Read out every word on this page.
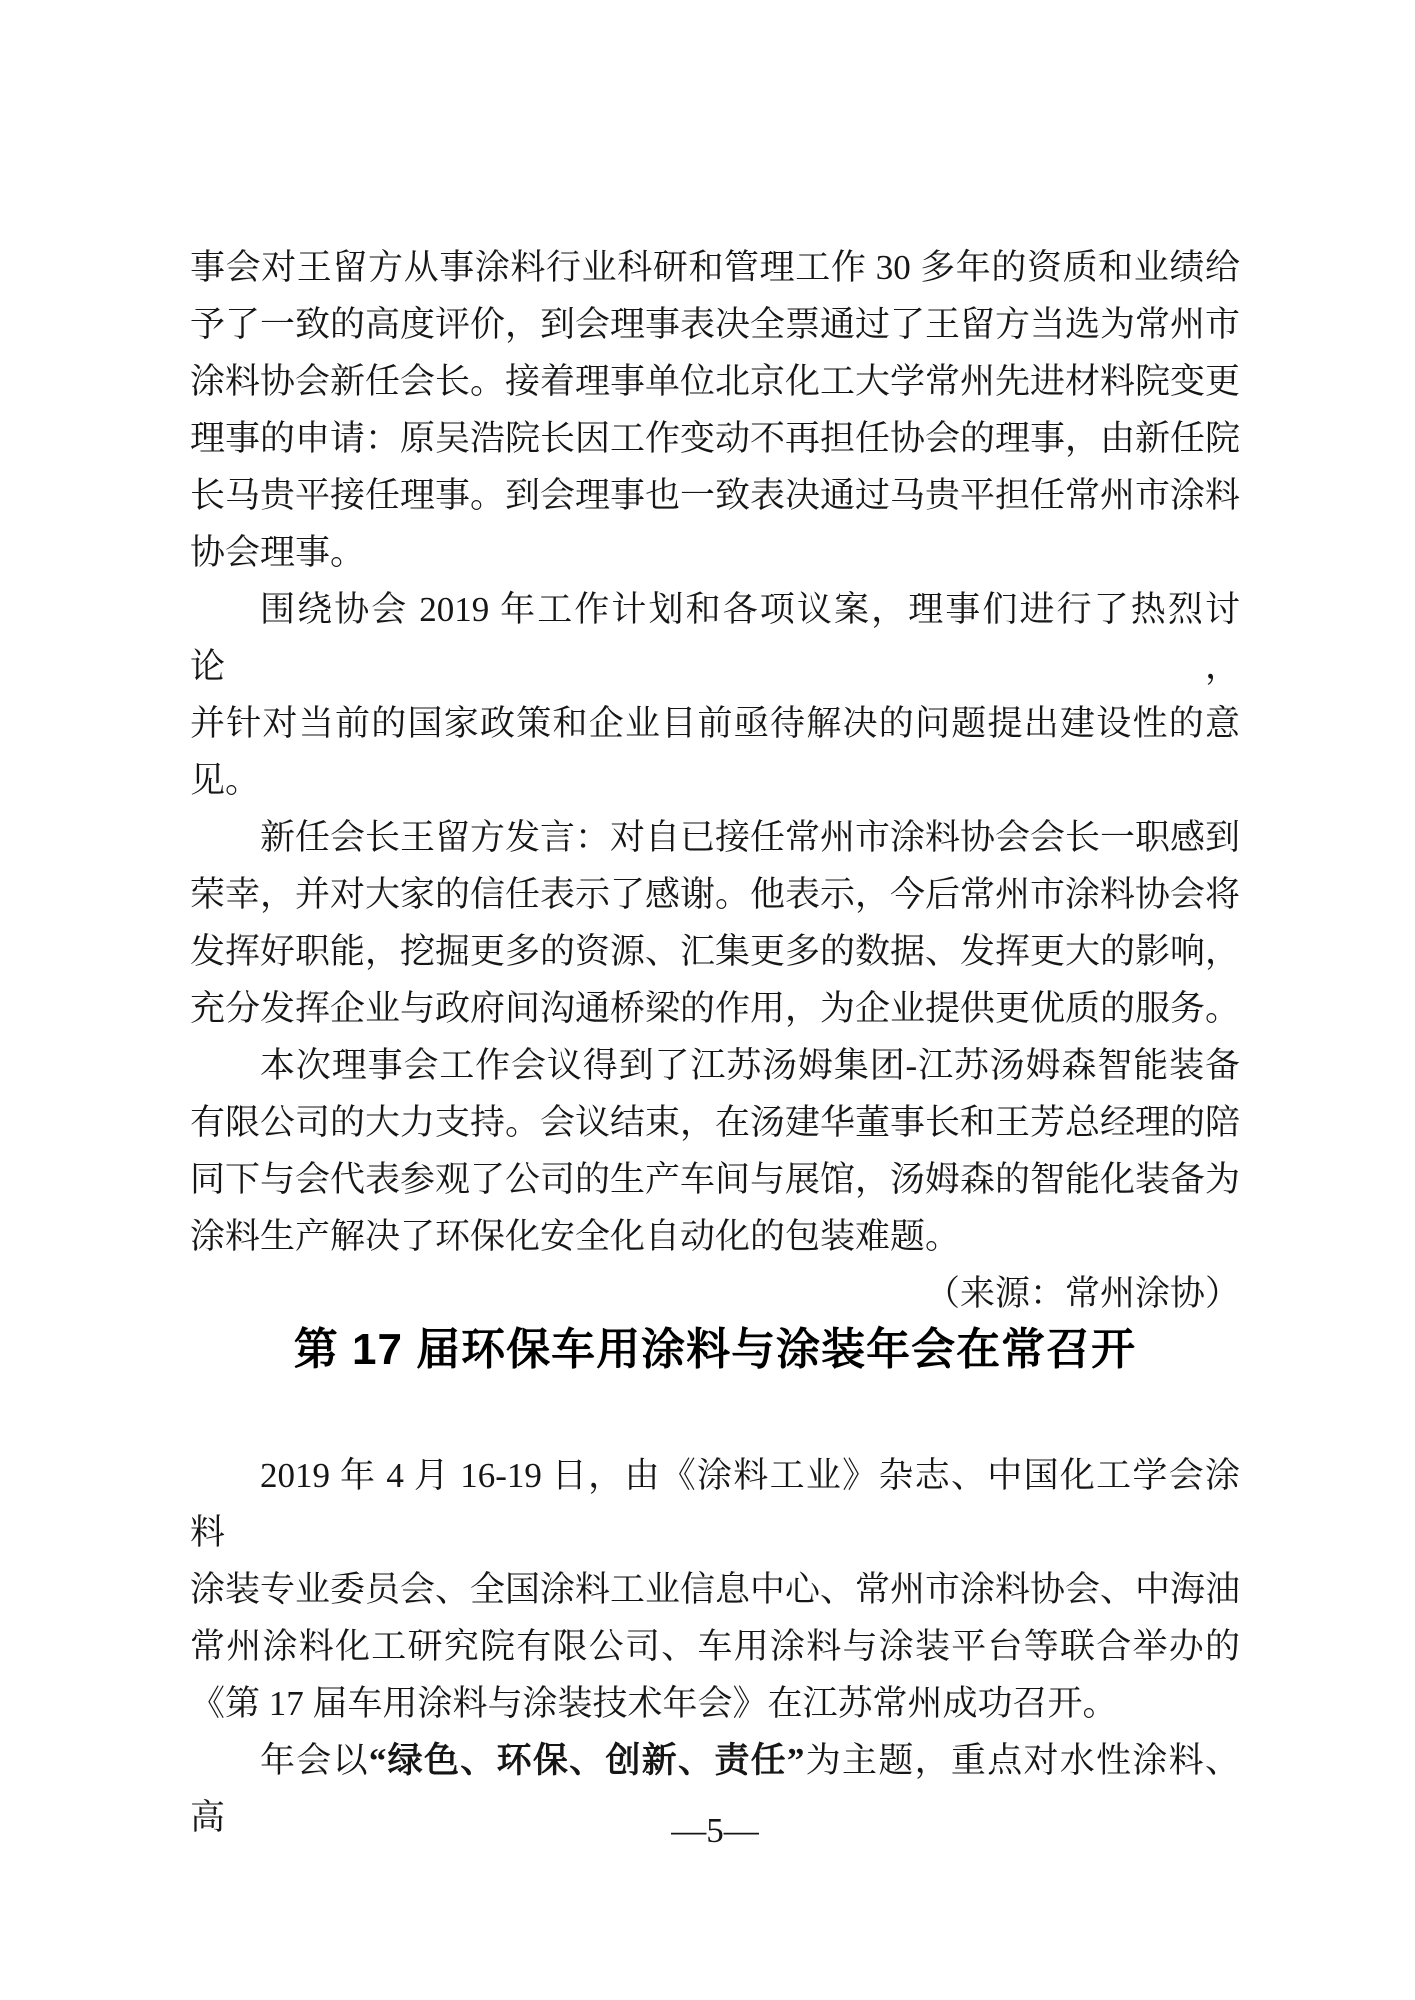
事会对王留方从事涂料行业科研和管理工作 30 多年的资质和业绩给
予了一致的高度评价，到会理事表决全票通过了王留方当选为常州市
涂料协会新任会长。接着理事单位北京化工大学常州先进材料院变更
理事的申请：原吴浩院长因工作变动不再担任协会的理事，由新任院
长马贵平接任理事。到会理事也一致表决通过马贵平担任常州市涂料
协会理事。
围绕协会 2019 年工作计划和各项议案，理事们进行了热烈讨论，
并针对当前的国家政策和企业目前亟待解决的问题提出建设性的意
见。
新任会长王留方发言：对自已接任常州市涂料协会会长一职感到
荣幸，并对大家的信任表示了感谢。他表示，今后常州市涂料协会将
发挥好职能，挖掘更多的资源、汇集更多的数据、发挥更大的影响，
充分发挥企业与政府间沟通桥梁的作用，为企业提供更优质的服务。
本次理事会工作会议得到了江苏汤姆集团-江苏汤姆森智能装备
有限公司的大力支持。会议结束，在汤建华董事长和王芳总经理的陪
同下与会代表参观了公司的生产车间与展馆，汤姆森的智能化装备为
涂料生产解决了环保化安全化自动化的包装难题。
（来源：常州涂协）
第 17 届环保车用涂料与涂装年会在常召开
2019 年 4 月 16-19 日，由《涂料工业》杂志、中国化工学会涂料
涂装专业委员会、全国涂料工业信息中心、常州市涂料协会、中海油
常州涂料化工研究院有限公司、车用涂料与涂装平台等联合举办的
《第 17 届车用涂料与涂装技术年会》在江苏常州成功召开。
年会以“绿色、环保、创新、责任”为主题，重点对水性涂料、高	—5—
